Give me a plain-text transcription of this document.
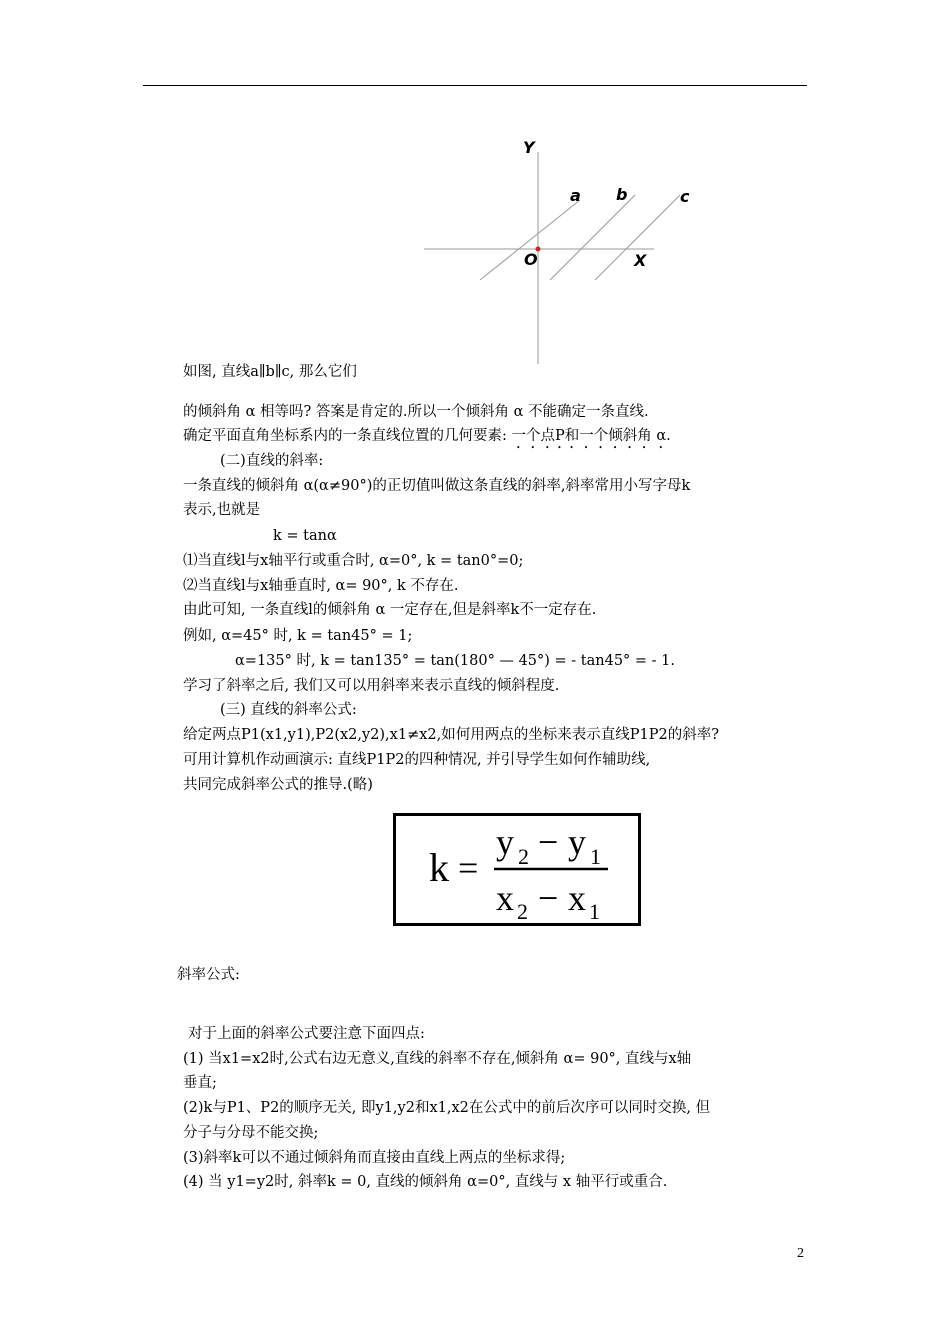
Y
a b	c
O	X
如图, 直线a∥b∥c, 那么它们
的倾斜角 α 相等吗? 答案是肯定的.所以一个倾斜角 α 不能确定一条直线.
确定平面直角坐标系内的一条直线位置的几何要素: 一个点P和一个倾斜角 α.
(二)直线的斜率:
一条直线的倾斜角 α(α≠90°)的正切值叫做这条直线的斜率,斜率常用小写字母k
表示,也就是
k = tanα
⑴当直线l与x轴平行或重合时, α=0°, k = tan0°=0;
⑵当直线l与x轴垂直时, α= 90°, k 不存在.
由此可知, 一条直线l的倾斜角 α 一定存在,但是斜率k不一定存在.
例如, α=45° 时, k = tan45° = 1;
α=135° 时, k = tan135° = tan(180° — 45°) = - tan45° = - 1.
学习了斜率之后, 我们又可以用斜率来表示直线的倾斜程度.
(三) 直线的斜率公式:
给定两点P1(x1,y1),P2(x2,y2),x1≠x2,如何用两点的坐标来表示直线P1P2的斜率?
可用计算机作动画演示: 直线P1P2的四种情况, 并引导学生如何作辅助线,
共同完成斜率公式的推导.(略)
k =
y 2 − y 1
x 2 − x 1
斜率公式:
对于上面的斜率公式要注意下面四点:
(1) 当x1=x2时,公式右边无意义,直线的斜率不存在,倾斜角 α= 90°, 直线与x轴
垂直;
(2)k与P1、P2的顺序无关, 即y1,y2和x1,x2在公式中的前后次序可以同时交换, 但
分子与分母不能交换;
(3)斜率k可以不通过倾斜角而直接由直线上两点的坐标求得;
(4) 当 y1=y2时, 斜率k = 0, 直线的倾斜角 α=0°, 直线与 x 轴平行或重合.
2
